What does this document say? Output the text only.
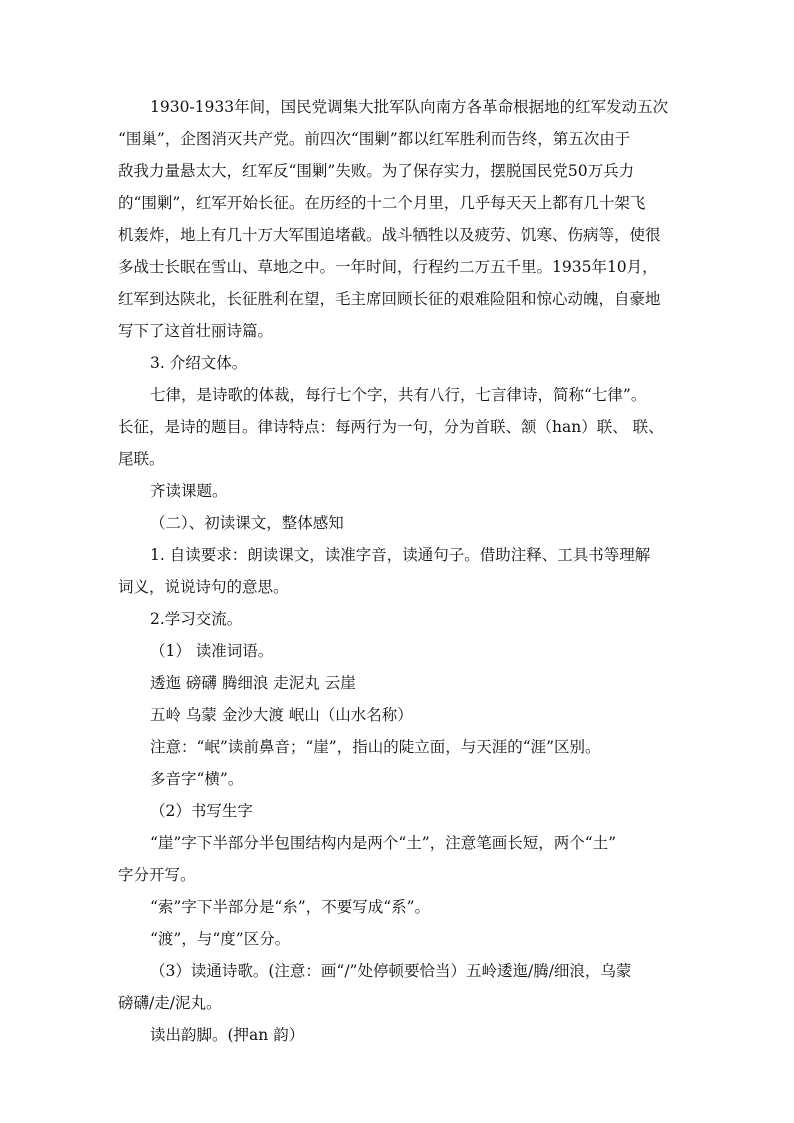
1930-1933年间，国民党调集大批军队向南方各革命根据地的红军发动五次
“围巢”，企图消灭共产党。前四次“围剿”都以红军胜利而告终，第五次由于
敌我力量悬太大，红军反“围剿”失败。为了保存实力，摆脱国民党50万兵力
的“围剿”，红军开始长征。在历经的十二个月里，几乎每天天上都有几十架飞
机轰炸，地上有几十万大军围追堵截。战斗牺牲以及疲劳、饥寒、伤病等，使很
多战士长眠在雪山、草地之中。一年时间，行程约二万五千里。1935年10月，
红军到达陕北，长征胜利在望，毛主席回顾长征的艰难险阻和惊心动魄，自豪地
写下了这首壮丽诗篇。
3. 介绍文体。
七律，是诗歌的体裁，每行七个字，共有八行，七言律诗，简称“七律”。
长征，是诗的题目。律诗特点：每两行为一句，分为首联、颔（han）联、 联、
尾联。
齐读课题。
（二）、初读课文，整体感知
1. 自读要求：朗读课文，读准字音，读通句子。借助注释、工具书等理解
词义，说说诗句的意思。
2.学习交流。
（1） 读准词语。
透迤 磅礴 腾细浪 走泥丸 云崖
五岭 乌蒙 金沙大渡 岷山（山水名称）
注意：“岷”读前鼻音；“崖”，指山的陡立面，与天涯的“涯”区别。
多音字“横”。
（2）书写生字
“崖”字下半部分半包围结构内是两个“土”，注意笔画长短，两个“土”
字分开写。
“索”字下半部分是“糸”，不要写成“系”。
“渡”，与“度”区分。
（3）读通诗歌。(注意：画“/”处停顿要恰当）五岭逶迤/腾/细浪，乌蒙
磅礴/走/泥丸。
读出韵脚。(押an 韵）
